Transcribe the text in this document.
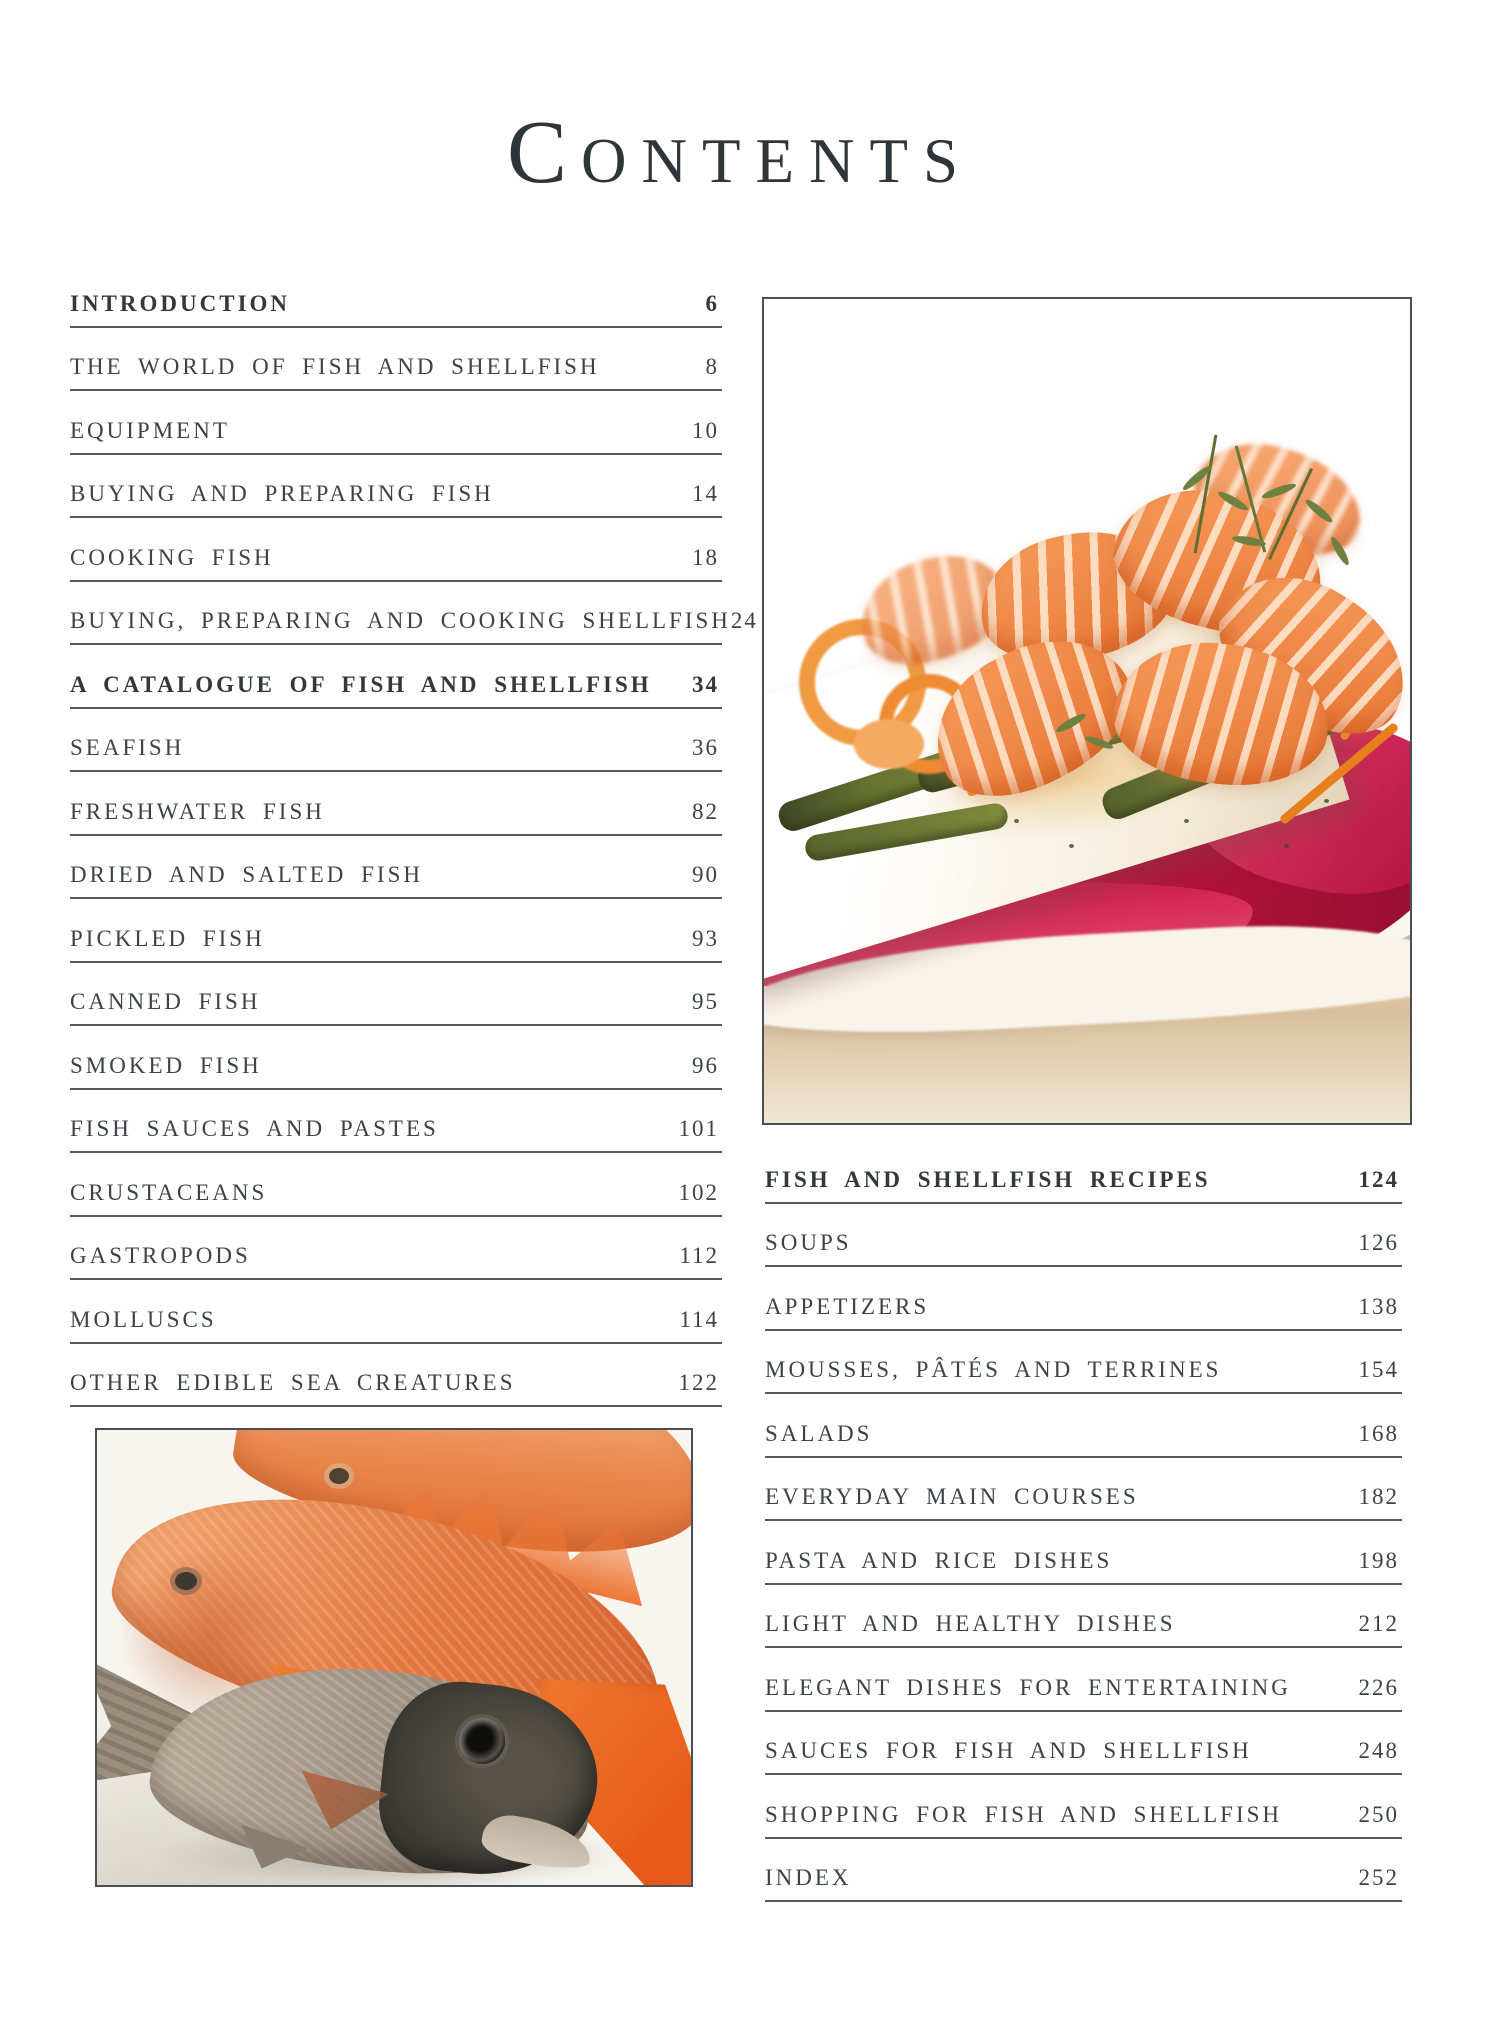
CONTENTS
INTRODUCTION	6
THE WORLD OF FISH AND SHELLFISH	8
EQUIPMENT	10
BUYING AND PREPARING FISH	14
COOKING FISH	18
BUYING, PREPARING AND COOKING SHELLFISH 24
A CATALOGUE OF FISH AND SHELLFISH 34
SEAFISH	36
FRESHWATER FISH	82
DRIED AND SALTED FISH	90
PICKLED FISH	93
CANNED FISH	95
SMOKED FISH	96
FISH SAUCES AND PASTES	101
CRUSTACEANS	102
GASTROPODS	112
MOLLUSCS	114
OTHER EDIBLE SEA CREATURES	122
FISH AND SHELLFISH RECIPES	124
SOUPS	126
APPETIZERS	138
MOUSSES, PÂTÉS AND TERRINES	154
SALADS	168
EVERYDAY MAIN COURSES	182
PASTA AND RICE DISHES	198
LIGHT AND HEALTHY DISHES	212
ELEGANT DISHES FOR ENTERTAINING	226
SAUCES FOR FISH AND SHELLFISH	248
SHOPPING FOR FISH AND SHELLFISH	250
INDEX	252
